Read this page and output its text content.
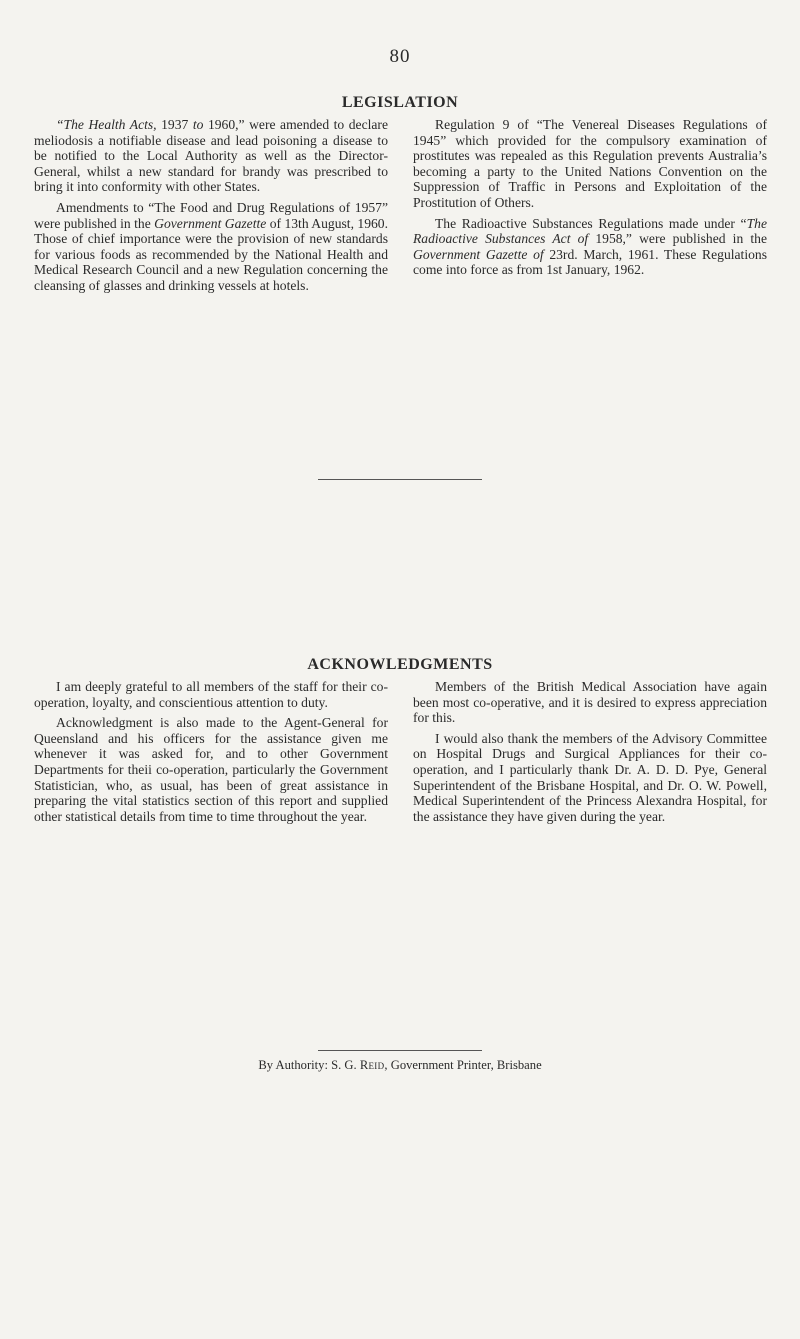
80
LEGISLATION

“The Health Acts, 1937 to 1960,” were amended to declare meliodosis a notifiable disease and lead poisoning a disease to be notified to the Local Authority as well as the Director-General, whilst a new standard for brandy was prescribed to bring it into conformity with other States.

Amendments to “The Food and Drug Regulations of 1957” were published in the Government Gazette of 13th August, 1960. Those of chief importance were the provision of new standards for various foods as recommended by the National Health and Medical Research Council and a new Regulation concerning the cleansing of glasses and drinking vessels at hotels.

Regulation 9 of “The Venereal Diseases Regulations of 1945” which provided for the compulsory examination of prostitutes was repealed as this Regulation prevents Australia’s becoming a party to the United Nations Convention on the Suppression of Traffic in Persons and Exploitation of the Prostitution of Others.

The Radioactive Substances Regulations made under “The Radioactive Substances Act of 1958,” were published in the Government Gazette of 23rd. March, 1961. These Regulations come into force as from 1st January, 1962.

ACKNOWLEDGMENTS

I am deeply grateful to all members of the staff for their co-operation, loyalty, and conscientious attention to duty.

Acknowledgment is also made to the Agent-General for Queensland and his officers for the assistance given me whenever it was asked for, and to other Government Departments for theii co-operation, particularly the Government Statistician, who, as usual, has been of great assistance in preparing the vital statistics section of this report and supplied other statistical details from time to time throughout the year.

Members of the British Medical Association have again been most co-operative, and it is desired to express appreciation for this.

I would also thank the members of the Advisory Committee on Hospital Drugs and Surgical Appliances for their co-operation, and I particularly thank Dr. A. D. D. Pye, General Superintendent of the Brisbane Hospital, and Dr. O. W. Powell, Medical Superintendent of the Princess Alexandra Hospital, for the assistance they have given during the year.

By Authority: S. G. Reid, Government Printer, Brisbane
